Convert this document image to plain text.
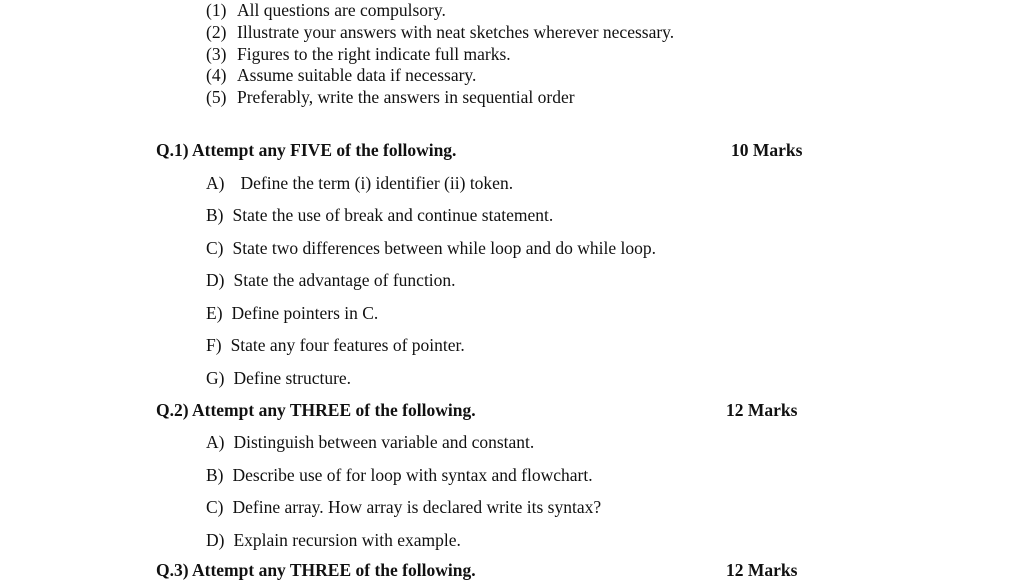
(1) All questions are compulsory.
(2) Illustrate your answers with neat sketches wherever necessary.
(3) Figures to the right indicate full marks.
(4) Assume suitable data if necessary.
(5) Preferably, write the answers in sequential order
Q.1) Attempt any FIVE of the following.	10 Marks
A) Define the term (i) identifier (ii) token.
B) State the use of break and continue statement.
C) State two differences between while loop and do while loop.
D) State the advantage of function.
E) Define pointers in C.
F) State any four features of pointer.
G) Define structure.
Q.2) Attempt any THREE of the following.	12 Marks
A) Distinguish between variable and constant.
B) Describe use of for loop with syntax and flowchart.
C) Define array. How array is declared write its syntax?
D) Explain recursion with example.
Q.3) Attempt any THREE of the following.	12 Marks
